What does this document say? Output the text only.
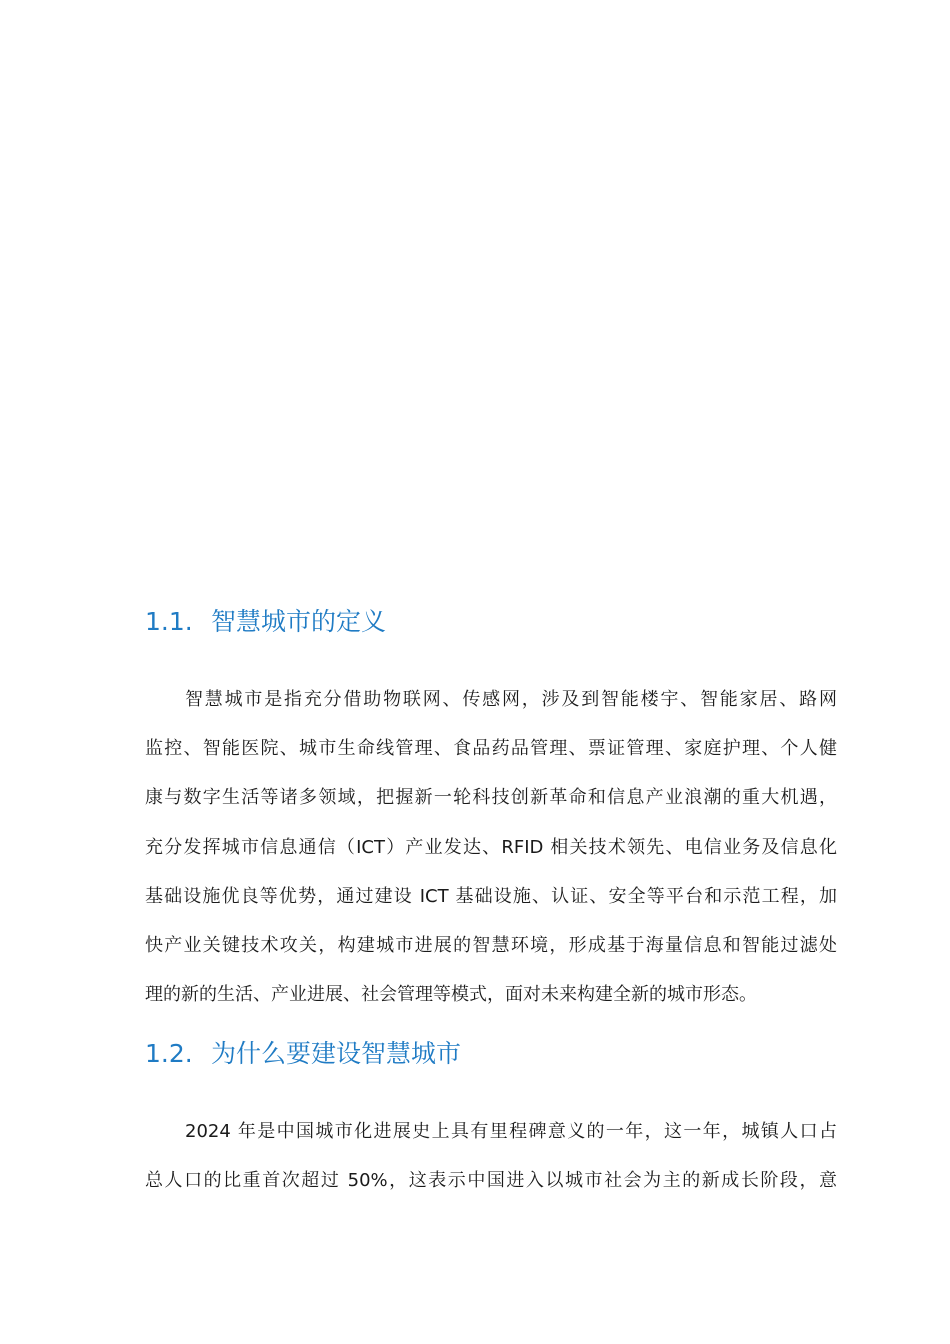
1.1. 智慧城市的定义
智慧城市是指充分借助物联网、传感网，涉及到智能楼宇、智能家居、路网
监控、智能医院、城市生命线管理、食品药品管理、票证管理、家庭护理、个人健
康与数字生活等诸多领域，把握新一轮科技创新革命和信息产业浪潮的重大机遇，
充分发挥城市信息通信（ICT）产业发达、RFID 相关技术领先、电信业务及信息化
基础设施优良等优势，通过建设 ICT 基础设施、认证、安全等平台和示范工程，加
快产业关键技术攻关，构建城市进展的智慧环境，形成基于海量信息和智能过滤处
理的新的生活、产业进展、社会管理等模式，面对未来构建全新的城市形态。
1.2. 为什么要建设智慧城市
2024 年是中国城市化进展史上具有里程碑意义的一年，这一年，城镇人口占
总人口的比重首次超过 50%，这表示中国进入以城市社会为主的新成长阶段，意
